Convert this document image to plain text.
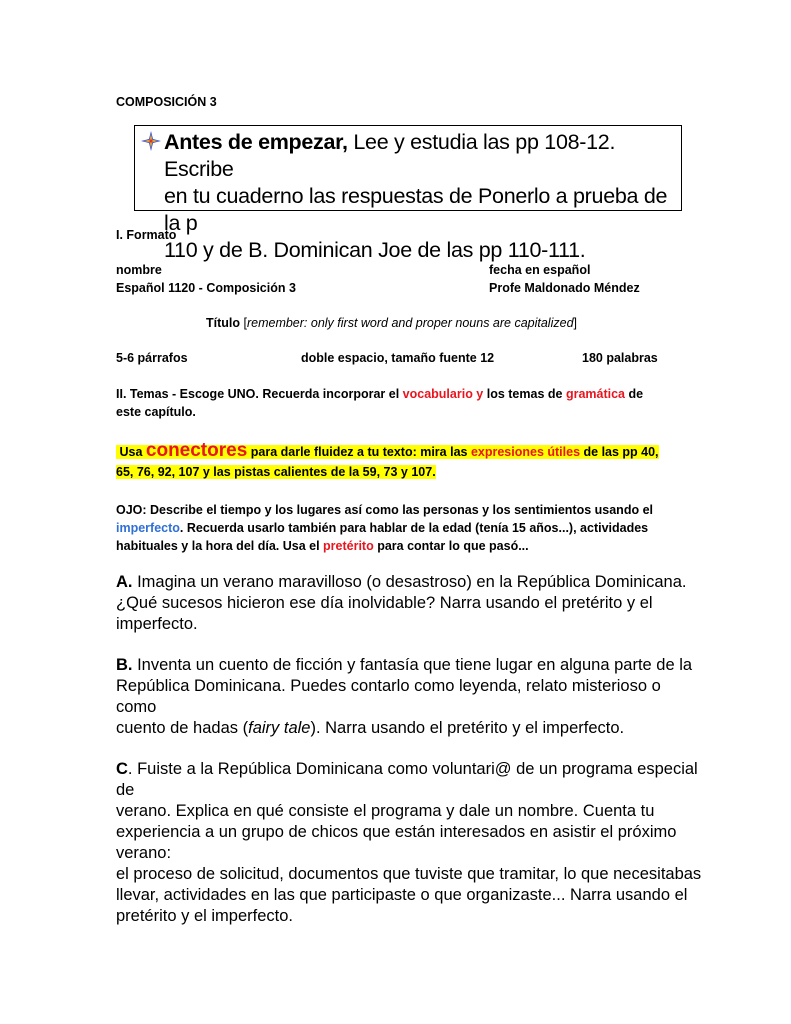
COMPOSICIÓN 3
Antes de empezar, Lee y estudia las pp 108-12. Escribe
en tu cuaderno las respuestas de Ponerlo a prueba de la p
110 y de B. Dominican Joe de las pp 110-111.
I. Formato
nombre
Español 1120 - Composición 3
fecha en español
Profe Maldonado Méndez
Título [remember: only first word and proper nouns are capitalized]
5-6 párrafos	doble espacio, tamaño fuente 12	180 palabras
II. Temas - Escoge UNO. Recuerda incorporar el vocabulario y los temas de gramática de
este capítulo.
Usa conectores para darle fluidez a tu texto: mira las expresiones útiles de las pp 40,
65, 76, 92, 107 y las pistas calientes de la 59, 73 y 107.
OJO: Describe el tiempo y los lugares así como las personas y los sentimientos usando el
imperfecto. Recuerda usarlo también para hablar de la edad (tenía 15 años...), actividades
habituales y la hora del día. Usa el pretérito para contar lo que pasó...
A. Imagina un verano maravilloso (o desastroso) en la República Dominicana.
¿Qué sucesos hicieron ese día inolvidable? Narra usando el pretérito y el
imperfecto.
B. Inventa un cuento de ficción y fantasía que tiene lugar en alguna parte de la
República Dominicana. Puedes contarlo como leyenda, relato misterioso o como
cuento de hadas (fairy tale). Narra usando el pretérito y el imperfecto.
C. Fuiste a la República Dominicana como voluntari@ de un programa especial de
verano. Explica en qué consiste el programa y dale un nombre. Cuenta tu
experiencia a un grupo de chicos que están interesados en asistir el próximo verano:
el proceso de solicitud, documentos que tuviste que tramitar, lo que necesitabas
llevar, actividades en las que participaste o que organizaste... Narra usando el
pretérito y el imperfecto.
